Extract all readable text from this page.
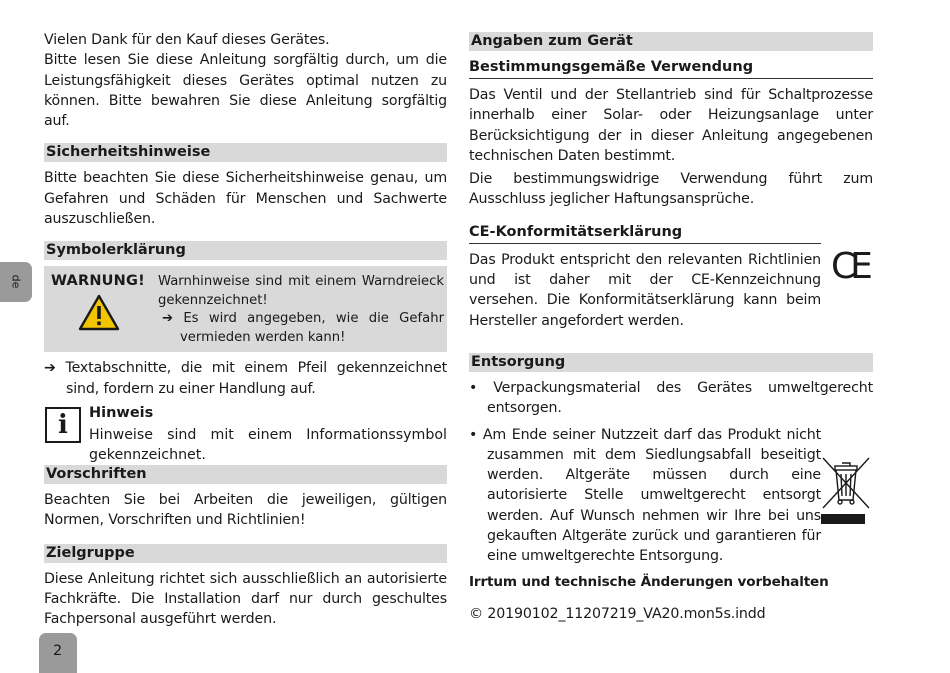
de

Vielen Dank für den Kauf dieses Gerätes.

Bitte lesen Sie diese Anleitung sorgfältig durch, um die Leistungsfähigkeit dieses Gerätes optimal nutzen zu können. Bitte bewahren Sie diese Anleitung sorgfältig auf.

Sicherheitshinweise

Bitte beachten Sie diese Sicherheitshinweise genau, um Gefahren und Schäden für Menschen und Sachwerte auszuschließen.

Symbolerklärung
WARNUNG! Warnhinweise sind mit einem Warndreieck gekennzeichnet!
➔ Es wird angegeben, wie die Gefahr vermieden werden kann!

➔ Textabschnitte, die mit einem Pfeil gekennzeichnet sind, fordern zu einer Handlung auf.

i	Hinweis
Hinweise sind mit einem Informationssymbol gekennzeichnet.
Vorschriften

Beachten Sie bei Arbeiten die jeweiligen, gültigen Normen, Vorschriften und Richtlinien!

Zielgruppe

Diese Anleitung richtet sich ausschließlich an autorisierte Fachkräfte. Die Installation darf nur durch geschultes Fachpersonal ausgeführt werden.

Angaben zum Gerät
Bestimmungsgemäße Verwendung

Das Ventil und der Stellantrieb sind für Schaltprozesse innerhalb einer Solar- oder Heizungsanlage unter Berücksichtigung der in dieser Anleitung angegebenen technischen Daten bestimmt.

Die bestimmungswidrige Verwendung führt zum Ausschluss jeglicher Haftungsansprüche.

CE-Konformitätserklärung

Das Produkt entspricht den relevanten Richtlinien und ist daher mit der CE-Kennzeichnung versehen. Die Konformitätserklärung kann beim Hersteller angefordert werden.

CE
Entsorgung
• Verpackungsmaterial des Gerätes umweltgerecht entsorgen.
• Am Ende seiner Nutzzeit darf das Produkt nicht zusammen mit dem Siedlungsabfall beseitigt werden. Altgeräte müssen durch eine autorisierte Stelle umweltgerecht entsorgt werden. Auf Wunsch nehmen wir Ihre bei uns gekauften Altgeräte zurück und garantieren für eine umweltgerechte Entsorgung.

Irrtum und technische Änderungen vorbehalten

© 20190102_11207219_VA20.mon5s.indd

2
